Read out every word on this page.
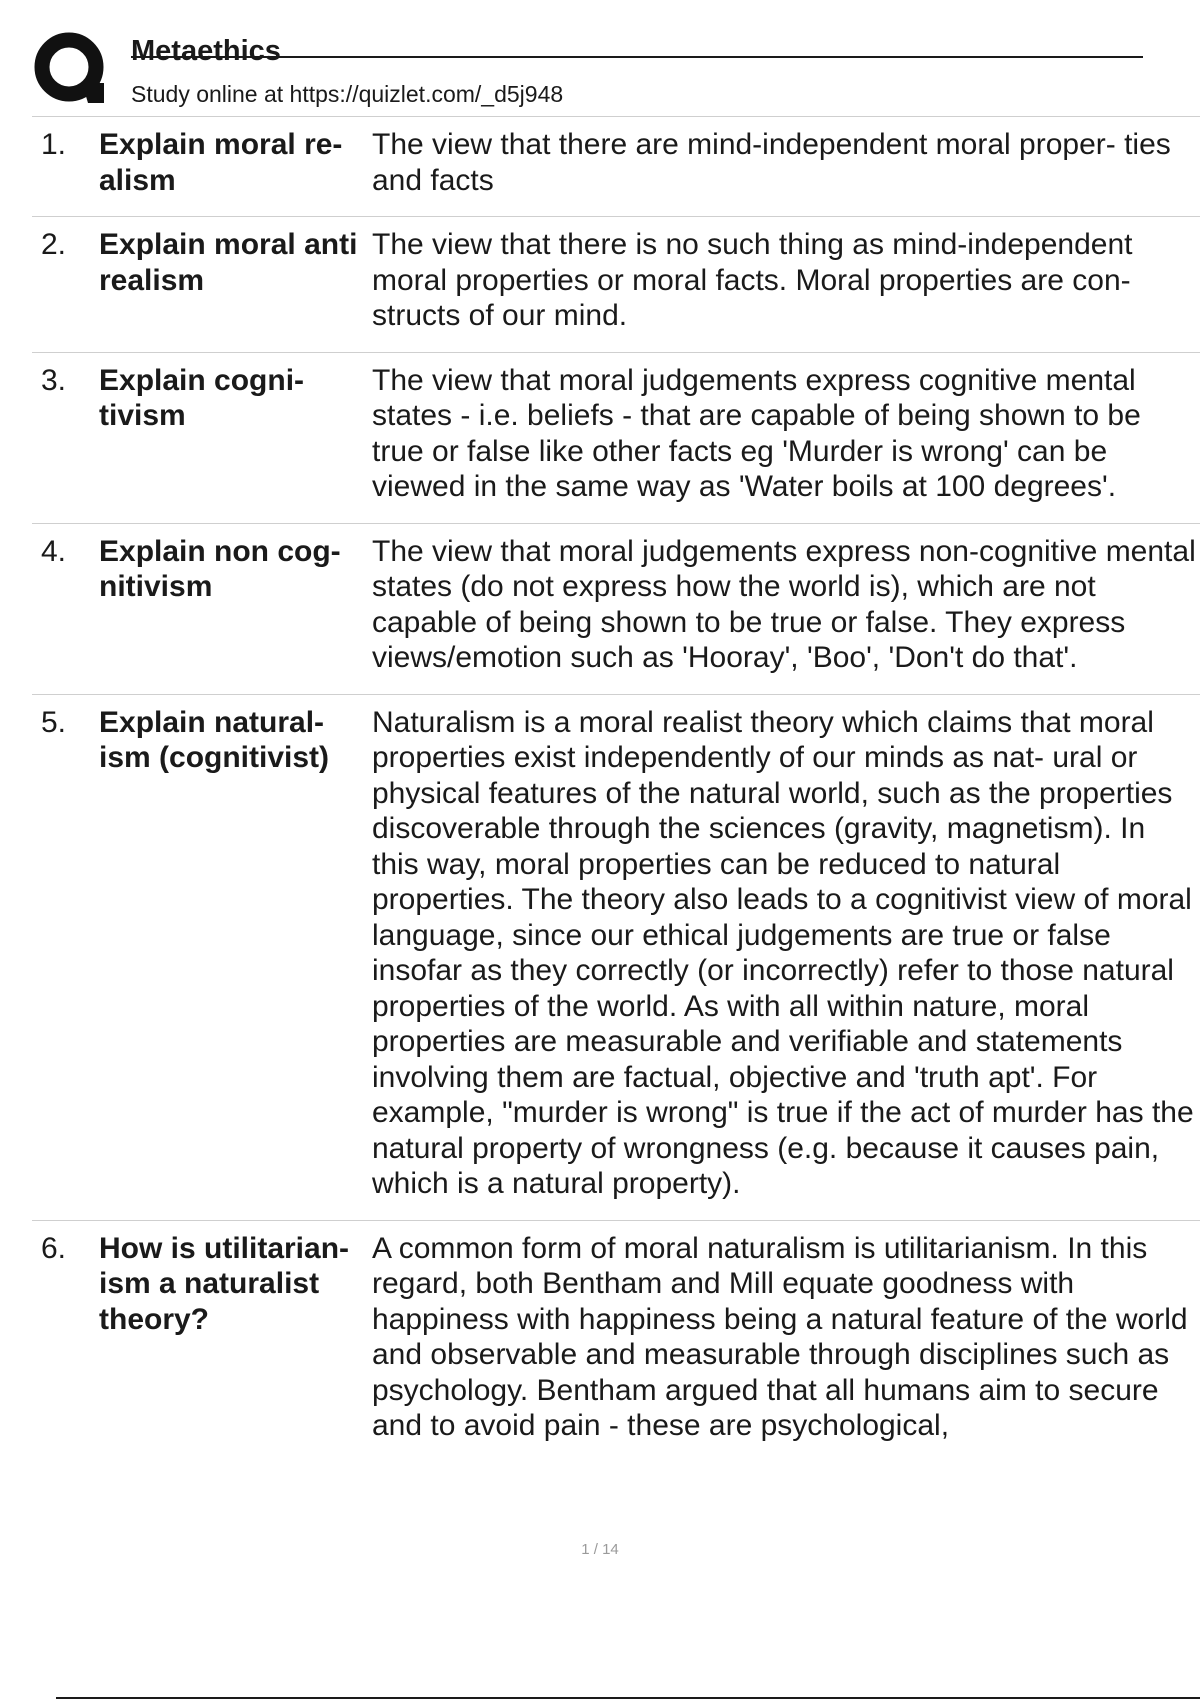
Metaethics
Study online at https://quizlet.com/_d5j948
1.	Explain moral re- alism
The view that there are mind-independent moral proper- ties and facts
2.	Explain moral anti realism
The view that there is no such thing as mind-independent moral properties or moral facts. Moral properties are con- structs of our mind.
3.	Explain cogni- tivism
The view that moral judgements express cognitive mental states - i.e. beliefs - that are capable of being shown to be true or false like other facts eg 'Murder is wrong' can be viewed in the same way as 'Water boils at 100 degrees'.
4.	Explain non cog- nitivism
The view that moral judgements express non-cognitive mental states (do not express how the world is), which are not capable of being shown to be true or false. They express views/emotion such as 'Hooray', 'Boo', 'Don't do that'.
5.	Explain natural- ism (cognitivist)
Naturalism is a moral realist theory which claims that moral properties exist independently of our minds as nat- ural or physical features of the natural world, such as the properties discoverable through the sciences (gravity, magnetism). In this way, moral properties can be reduced to natural properties. The theory also leads to a cognitivist view of moral language, since our ethical judgements are true or false insofar as they correctly (or incorrectly) refer to those natural properties of the world. As with all within nature, moral properties are measurable and verifiable and statements involving them are factual, objective and 'truth apt'. For example, "murder is wrong" is true if the act of murder has the natural property of wrongness (e.g. because it causes pain, which is a natural property).
6.	How is utilitarian- ism a naturalist theory?
A common form of moral naturalism is utilitarianism. In this regard, both Bentham and Mill equate goodness with happiness with happiness being a natural feature of the world and observable and measurable through disciplines such as psychology. Bentham argued that all humans aim to secure and to avoid pain - these are psychological,
1 / 14
